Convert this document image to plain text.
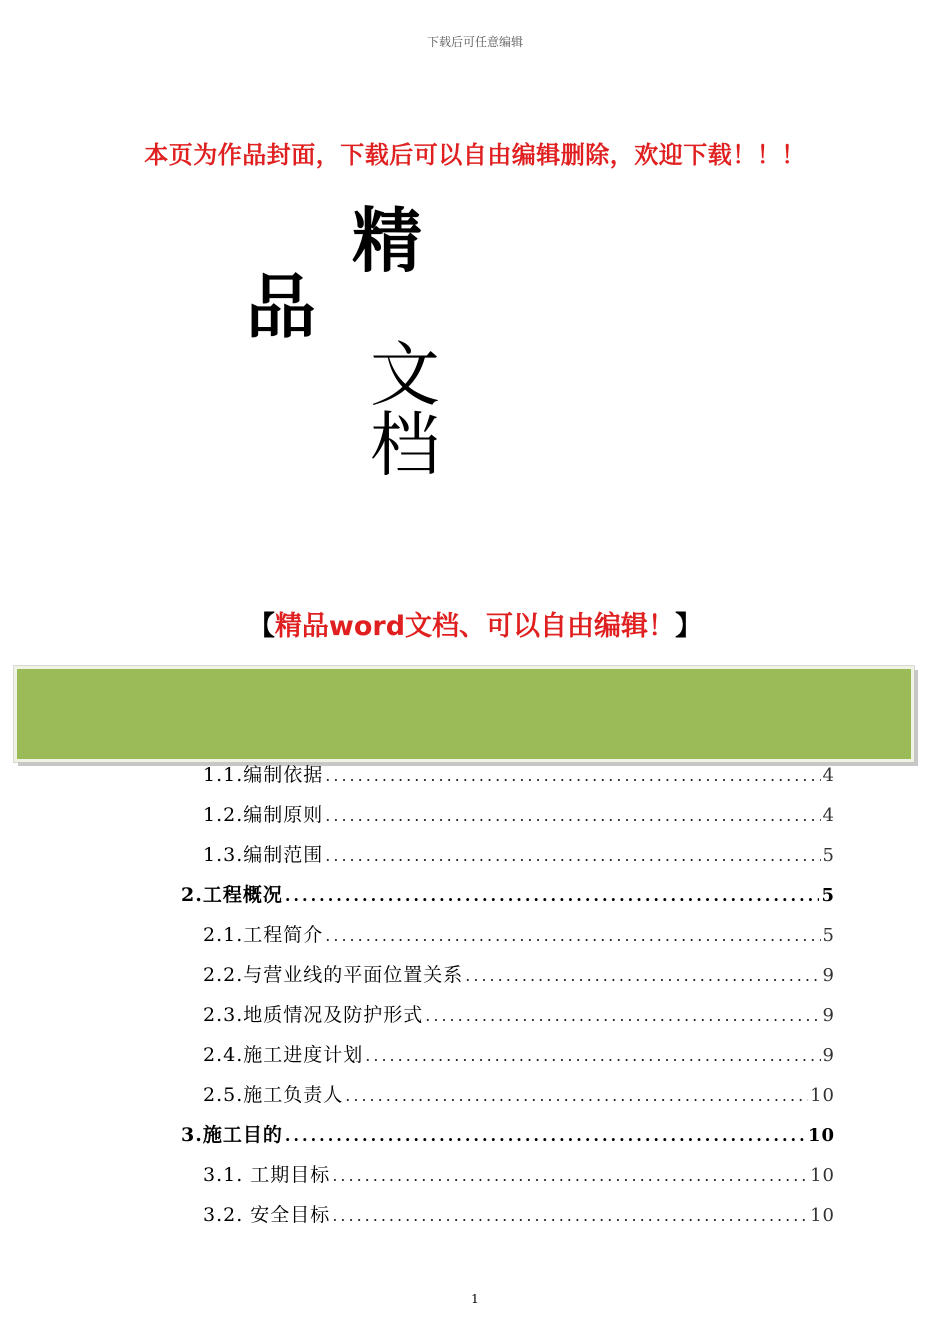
下载后可任意编辑
本页为作品封面，下载后可以自由编辑删除，欢迎下载！！！
精
品
文
档
【精品word文档、可以自由编辑！】
1.1. 编制依据 .....	4
1.2. 编制原则 .....	4
1.3. 编制范围 .....	5
2. 工程概况 .....	5
2.1. 工程简介 .....	5
2.2. 与营业线的平面位置关系 .....	9
2.3. 地质情况及防护形式 .....	9
2.4. 施工进度计划 .....	9
2.5. 施工负责人 .....	10
3. 施工目的 .....	10
3.1. 工期目标 .....	10
3.2. 安全目标 .....	10
1
